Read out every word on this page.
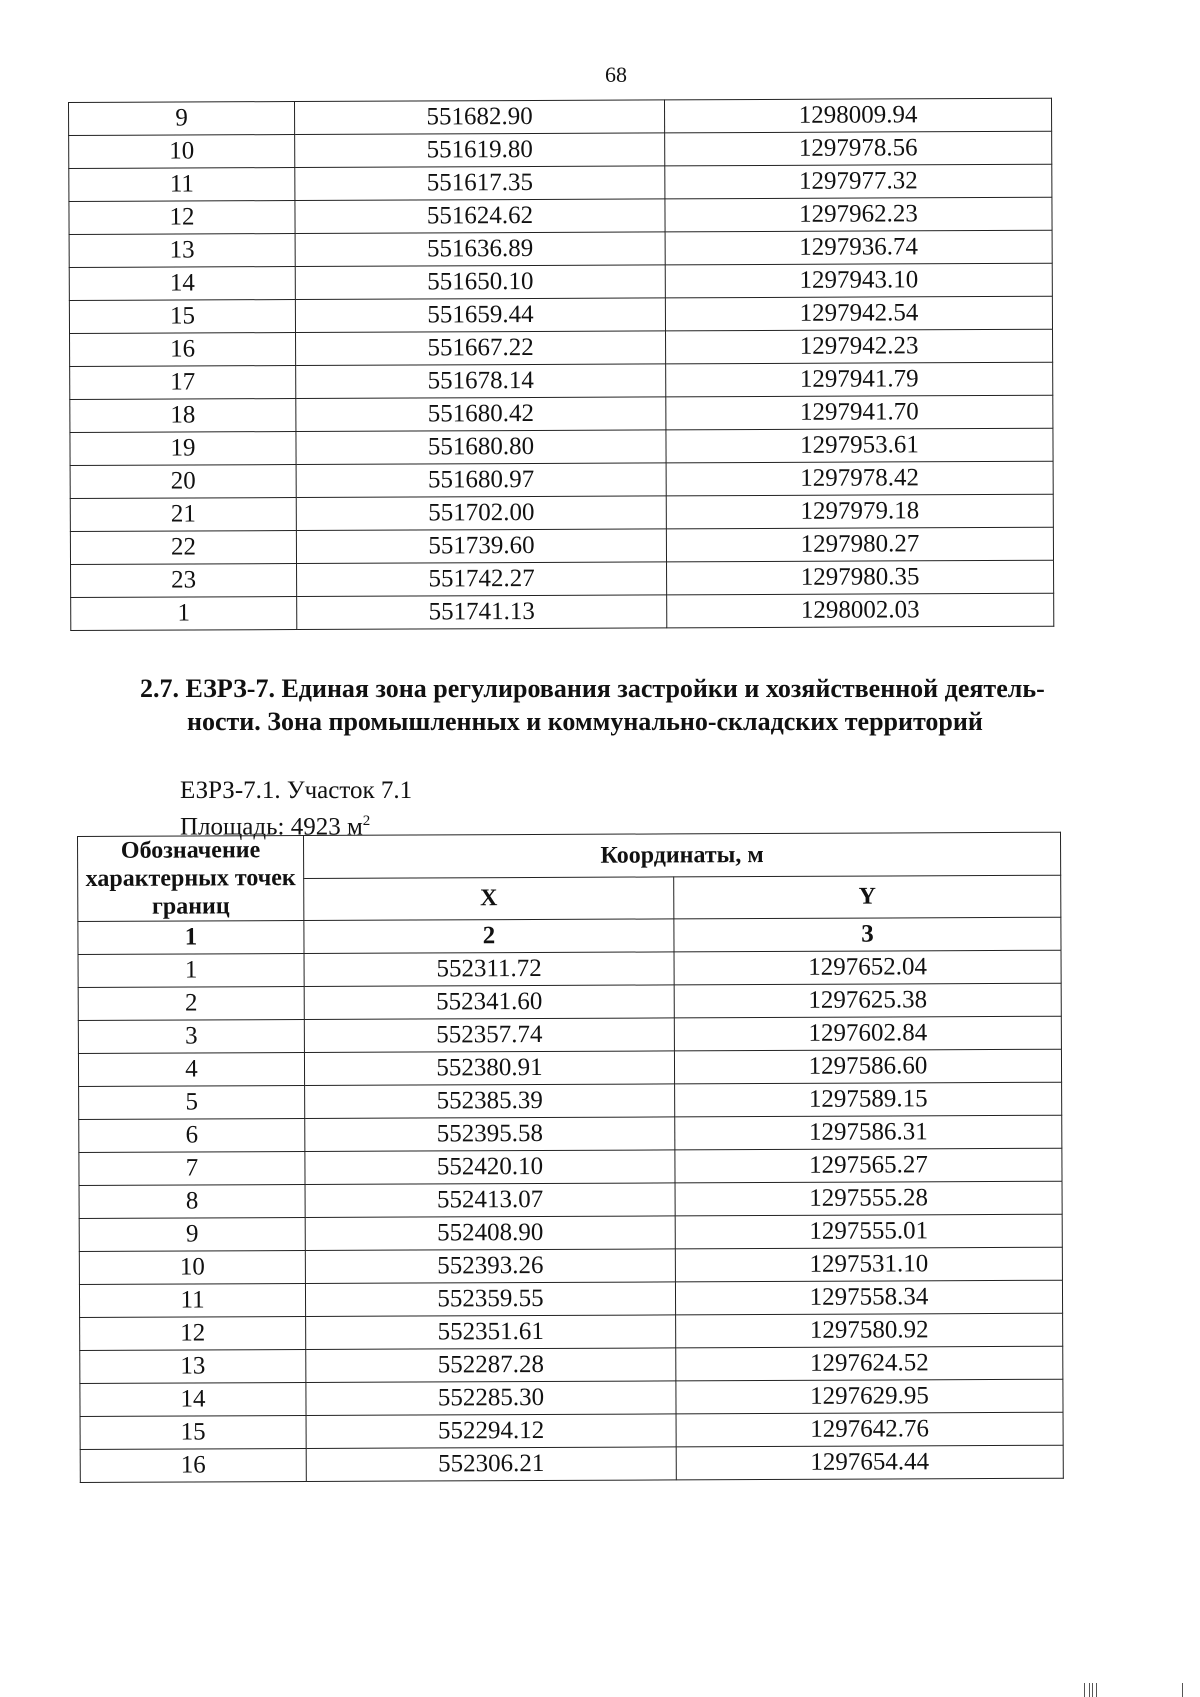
68
9	551682.90	1298009.94
10	551619.80	1297978.56
11	551617.35	1297977.32
12	551624.62	1297962.23
13	551636.89	1297936.74
14	551650.10	1297943.10
15	551659.44	1297942.54
16	551667.22	1297942.23
17	551678.14	1297941.79
18	551680.42	1297941.70
19	551680.80	1297953.61
20	551680.97	1297978.42
21	551702.00	1297979.18
22	551739.60	1297980.27
23	551742.27	1297980.35
1	551741.13	1298002.03
2.7. ЕЗРЗ-7. Единая зона регулирования застройки и хозяйственной деятель-
ности. Зона промышленных и коммунально-складских территорий
ЕЗРЗ-7.1. Участок 7.1
Площадь: 4923 $м^2$
Обозначение характерных точек границ	Координаты, м	
	X	Y
1	2	3
1	552311.72	1297652.04
2	552341.60	1297625.38
3	552357.74	1297602.84
4	552380.91	1297586.60
5	552385.39	1297589.15
6	552395.58	1297586.31
7	552420.10	1297565.27
8	552413.07	1297555.28
9	552408.90	1297555.01
10	552393.26	1297531.10
11	552359.55	1297558.34
12	552351.61	1297580.92
13	552287.28	1297624.52
14	552285.30	1297629.95
15	552294.12	1297642.76
16	552306.21	1297654.44
